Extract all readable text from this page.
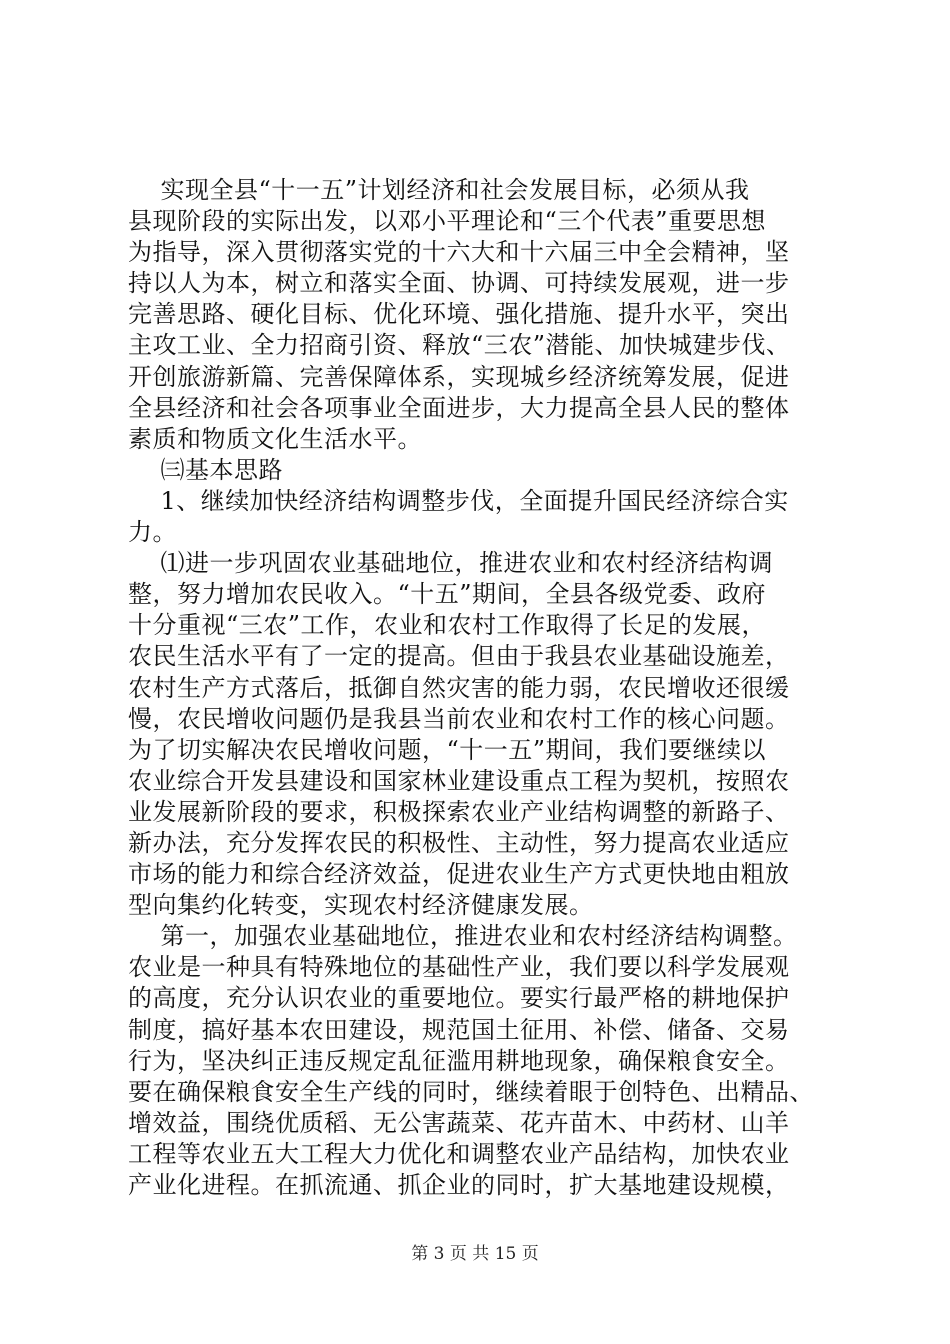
实现全县“十一五”计划经济和社会发展目标，必须从我
县现阶段的实际出发，以邓小平理论和“三个代表”重要思想
为指导，深入贯彻落实党的十六大和十六届三中全会精神，坚
持以人为本，树立和落实全面、协调、可持续发展观，进一步
完善思路、硬化目标、优化环境、强化措施、提升水平，突出
主攻工业、全力招商引资、释放“三农”潜能、加快城建步伐、
开创旅游新篇、完善保障体系，实现城乡经济统筹发展，促进
全县经济和社会各项事业全面进步，大力提高全县人民的整体
素质和物质文化生活水平。
㈢基本思路
1、继续加快经济结构调整步伐，全面提升国民经济综合实
力。
⑴进一步巩固农业基础地位，推进农业和农村经济结构调
整，努力增加农民收入。“十五”期间，全县各级党委、政府
十分重视“三农”工作，农业和农村工作取得了长足的发展，
农民生活水平有了一定的提高。但由于我县农业基础设施差，
农村生产方式落后，抵御自然灾害的能力弱，农民增收还很缓
慢，农民增收问题仍是我县当前农业和农村工作的核心问题。
为了切实解决农民增收问题，“十一五”期间，我们要继续以
农业综合开发县建设和国家林业建设重点工程为契机，按照农
业发展新阶段的要求，积极探索农业产业结构调整的新路子、
新办法，充分发挥农民的积极性、主动性，努力提高农业适应
市场的能力和综合经济效益，促进农业生产方式更快地由粗放
型向集约化转变，实现农村经济健康发展。
第一，加强农业基础地位，推进农业和农村经济结构调整。
农业是一种具有特殊地位的基础性产业，我们要以科学发展观
的高度，充分认识农业的重要地位。要实行最严格的耕地保护
制度，搞好基本农田建设，规范国土征用、补偿、储备、交易
行为，坚决纠正违反规定乱征滥用耕地现象，确保粮食安全。
要在确保粮食安全生产线的同时，继续着眼于创特色、出精品、
增效益，围绕优质稻、无公害蔬菜、花卉苗木、中药材、山羊
工程等农业五大工程大力优化和调整农业产品结构，加快农业
产业化进程。在抓流通、抓企业的同时，扩大基地建设规模，
第 3 页 共 15 页
